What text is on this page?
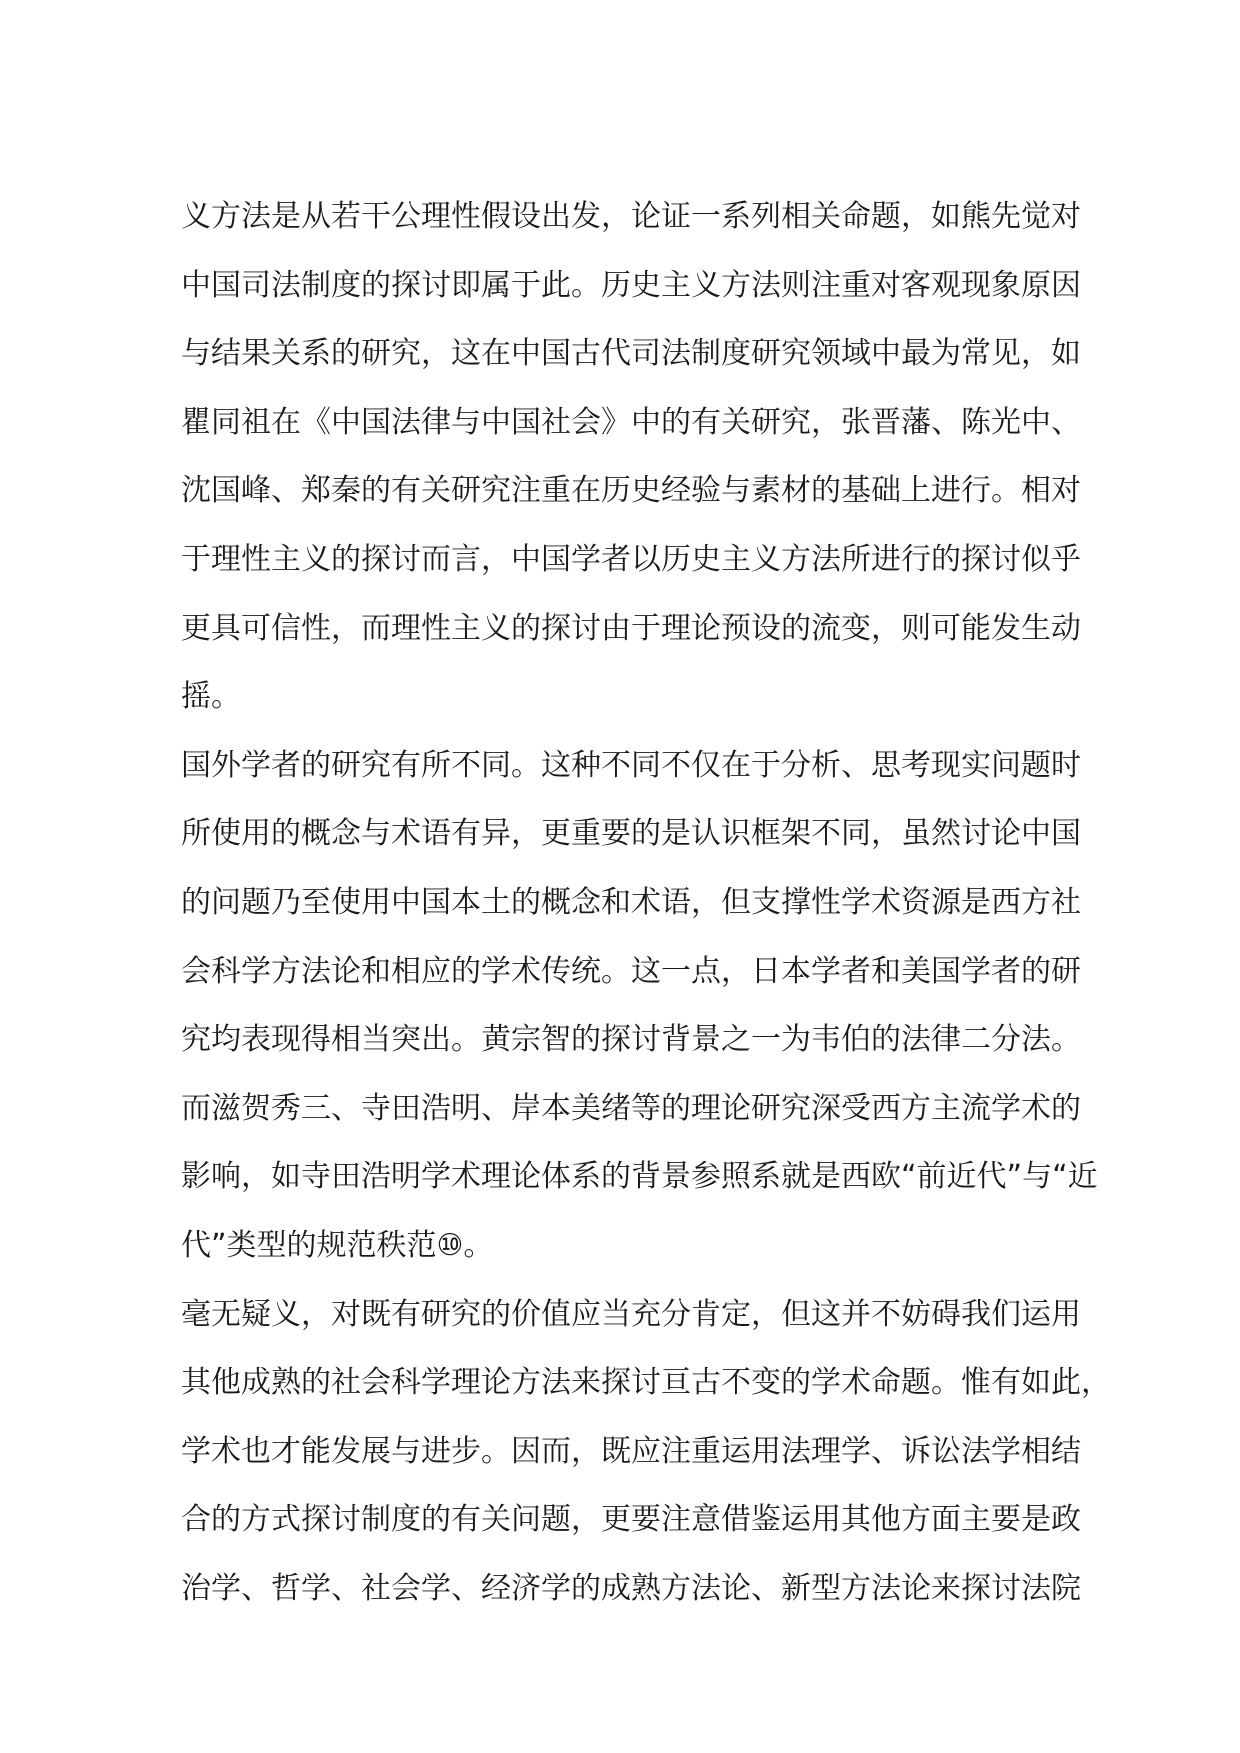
义方法是从若干公理性假设出发，论证一系列相关命题，如熊先觉对
中国司法制度的探讨即属于此。历史主义方法则注重对客观现象原因
与结果关系的研究，这在中国古代司法制度研究领域中最为常见，如
瞿同祖在《中国法律与中国社会》中的有关研究，张晋藩、陈光中、
沈国峰、郑秦的有关研究注重在历史经验与素材的基础上进行。相对
于理性主义的探讨而言，中国学者以历史主义方法所进行的探讨似乎
更具可信性，而理性主义的探讨由于理论预设的流变，则可能发生动
摇。
国外学者的研究有所不同。这种不同不仅在于分析、思考现实问题时
所使用的概念与术语有异，更重要的是认识框架不同，虽然讨论中国
的问题乃至使用中国本土的概念和术语，但支撑性学术资源是西方社
会科学方法论和相应的学术传统。这一点，日本学者和美国学者的研
究均表现得相当突出。黄宗智的探讨背景之一为韦伯的法律二分法。
而滋贺秀三、寺田浩明、岸本美绪等的理论研究深受西方主流学术的
影响，如寺田浩明学术理论体系的背景参照系就是西欧“前近代”与“近
代”类型的规范秩范⑩。
毫无疑义，对既有研究的价值应当充分肯定，但这并不妨碍我们运用
其他成熟的社会科学理论方法来探讨亘古不变的学术命题。惟有如此，
学术也才能发展与进步。因而，既应注重运用法理学、诉讼法学相结
合的方式探讨制度的有关问题，更要注意借鉴运用其他方面主要是政
治学、哲学、社会学、经济学的成熟方法论、新型方法论来探讨法院
